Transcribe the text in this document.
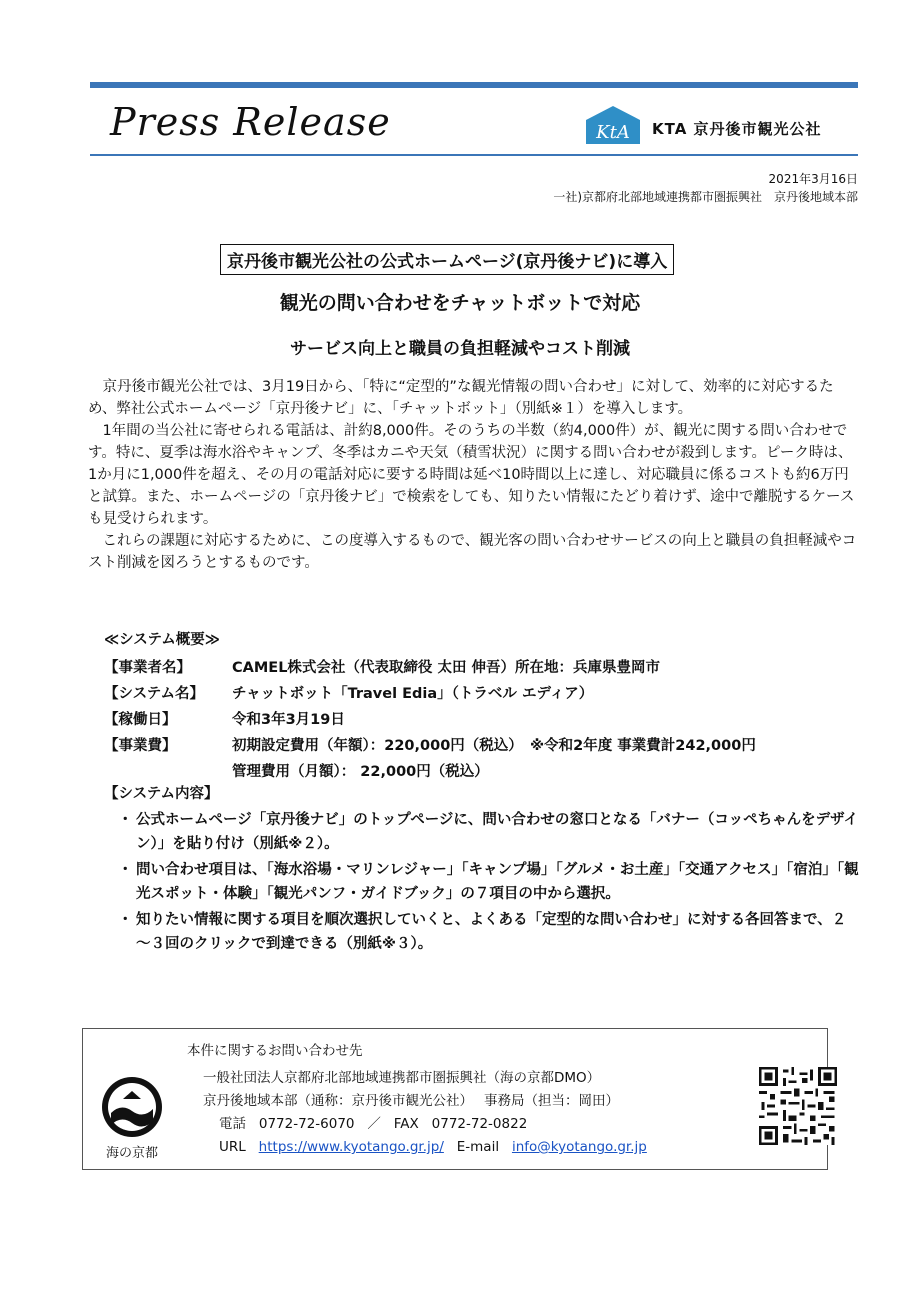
Press Release	KtA KTA 京丹後市観光公社
2021年3月16日
一社)京都府北部地域連携都市圏振興社　京丹後地域本部
京丹後市観光公社の公式ホームページ(京丹後ナビ)に導入
観光の問い合わせをチャットボットで対応
サービス向上と職員の負担軽減やコスト削減

京丹後市観光公社では、3月19日から、「特に“定型的”な観光情報の問い合わせ」に対して、効率的に対応するため、弊社公式ホームページ「京丹後ナビ」に、「チャットボット」（別紙※１）を導入します。

1年間の当公社に寄せられる電話は、計約8,000件。そのうちの半数（約4,000件）が、観光に関する問い合わせです。特に、夏季は海水浴やキャンプ、冬季はカニや天気（積雪状況）に関する問い合わせが殺到します。ピーク時は、1か月に1,000件を超え、その月の電話対応に要する時間は延べ10時間以上に達し、対応職員に係るコストも約6万円と試算。また、ホームページの「京丹後ナビ」で検索をしても、知りたい情報にたどり着けず、途中で離脱するケースも見受けられます。

これらの課題に対応するために、この度導入するもので、観光客の問い合わせサービスの向上と職員の負担軽減やコスト削減を図ろうとするものです。

≪システム概要≫
【事業者名】	CAMEL株式会社（代表取締役 太田 伸吾）所在地：兵庫県豊岡市
【システム名】 チャットボット「Travel Edia」（トラベル エディア）
【稼働日】	令和3年3月19日
【事業費】	初期設定費用（年額）：220,000円（税込）　※令和2年度 事業費計242,000円
管理費用（月額）： 22,000円（税込）
【システム内容】
・ 公式ホームページ「京丹後ナビ」のトップページに、問い合わせの窓口となる「バナー（コッペちゃんをデザイン）」を貼り付け（別紙※２）。
・ 問い合わせ項目は、「海水浴場・マリンレジャー」「キャンプ場」「グルメ・お土産」「交通アクセス」「宿泊」「観光スポット・体験」「観光パンフ・ガイドブック」の７項目の中から選択。
・ 知りたい情報に関する項目を順次選択していくと、よくある「定型的な問い合わせ」に対する各回答まで、２～３回のクリックで到達できる（別紙※３）。
本件に関するお問い合わせ先
海の京都
一般社団法人京都府北部地域連携都市圏振興社（海の京都DMO）
京丹後地域本部（通称：京丹後市観光公社）　 事務局（担当：岡田）
電話 0772-72-6070 ／ FAX 0772-72-0822
URL https://www.kyotango.gr.jp/ E-mail info@kyotango.gr.jp
